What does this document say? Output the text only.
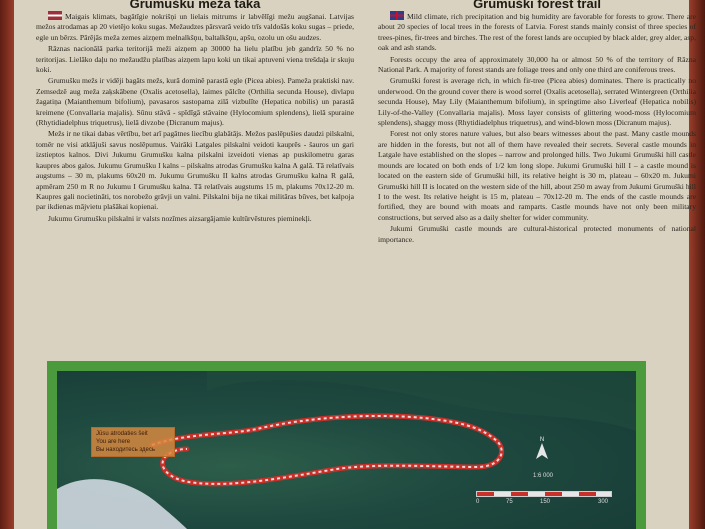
Grumušku meža taka

Maigais klimats, bagātīgie nokrišņi un lielais mitrums ir labvēlīgi mežu augšanai. Latvijas mežos atrodamas ap 20 vietējo koku sugas. Mežaudzes pārsvarā veido trīs valdošās koku sugas – priede, egle un bērzs. Pārējās meža zemes aizņem melnalkšņu, baltalkšņu, apšu, ozolu un ošu audzes.

Rāznas nacionālā parka teritorijā meži aizņem ap 30000 ha lielu platību jeb gandrīz 50 % no teritorijas. Lielāko daļu no mežaudžu platības aizņem lapu koki un tikai aptuveni viena trešdaļa ir skuju koki.

Grumušku mežs ir vidēji bagāts mežs, kurā dominē parastā egle (Picea abies). Pameža praktiski nav. Zemsedzē aug meža zaķskābene (Oxalis acetosella), laimes pālcīte (Orthilia secunda House), divlapu žagatiņa (Maianthemum bifolium), pavasaros sastopama zilā vizbulīte (Hepatica nobilis) un parastā kreimene (Convallaria majalis). Sūnu stāvā - spīdīgā stāvaine (Hylocomium splendens), lielā spuraine (Rhytidiadelphus triquetrus), lielā divzobe (Dicranum majus).

Mežs ir ne tikai dabas vērtību, bet arī pagātnes liecību glabātājs. Mežos paslēpušies daudzi pilskalni, tomēr ne visi atklājuši savus noslēpumus. Vairāki Latgales pilskalni veidoti kauprēs - šauros un gari izstieptos kalnos. Divi Jukumu Grumušku kalna pilskalni izveidoti vienas ap puskilometru garas kaupres abos galos. Jukumu Grumušku I kalns – pilskalns atrodas Grumušku kalna A galā. Tā relatīvais augstums – 30 m, plakums 60x20 m. Jukumu Grumušku II kalns atrodas Grumušku kalna R galā, apmēram 250 m R no Jukumu I Grumušku kalna. Tā relatīvais augstums 15 m, plakums 70x12-20 m. Kaupres gali nocietināti, tos norobežo grāvji un valni. Pilskalni bija ne tikai militāras būves, bet kalpoja par ikdienas mājvietu plašākai kopienai.

Jukumu Grumušku pilskalni ir valsts nozīmes aizsargājamie kultūrvēstures pieminekļi.

Grumuški forest trail

Mild climate, rich precipitation and big humidity are favorable for forests to grow. There are about 20 species of local trees in the forests of Latvia. Forest stands mainly consist of three species of trees-pines, fir-trees and birches. The rest of the forest lands are occupied by black alder, grey alder, asp, oak and ash stands.

Forests occupy the area of approximately 30,000 ha or almost 50 % of the territory of Rāzna National Park. A majority of forest stands are foliage trees and only one third are coniferous trees.

Grumuški forest is average rich, in which fir-tree (Picea abies) dominates. There is practically no underwood. On the ground cover there is wood sorrel (Oxalis acetosella), serrated Wintergreen (Orthilia secunda House), May Lily (Maianthemum bifolium), in springtime also Liverleaf (Hepatica nobilis) Lily-of-the-Valley (Convallaria majalis). Moss layer consists of glittering wood-moss (Hylocomium splendens), shaggy moss (Rhytidiadelphus triquetrus), and wind-blown moss (Dicranum majus).

Forest not only stores nature values, but also bears witnesses about the past. Many castle mounds are hidden in the forests, but not all of them have revealed their secrets. Several castle mounds in Latgale have established on the slopes – narrow and prolonged hills. Two Jukumi Grumuški hill castle mounds are located on both ends of 1/2 km long slope. Jukumi Grumuški hill I – a castle mound is located on the eastern side of Grumuški hill, its relative height is 30 m, plateau – 60x20 m. Jukumi Grumuški hill II is located on the western side of the hill, about 250 m away from Jukumi Grumuški hill I to the west. Its relative height is 15 m, plateau – 70x12-20 m. The ends of the castle mounds are fortified, they are bound with moats and ramparts. Castle mounds have not only been military constructions, but served also as a daily shelter for wider community.

Jukumi Grumuški castle mounds are cultural-historical protected monuments of national importance.

N
Jūsu atrodaties šeit
You are here
Вы находитесь здесь
1:6 000
0	75	150	300
